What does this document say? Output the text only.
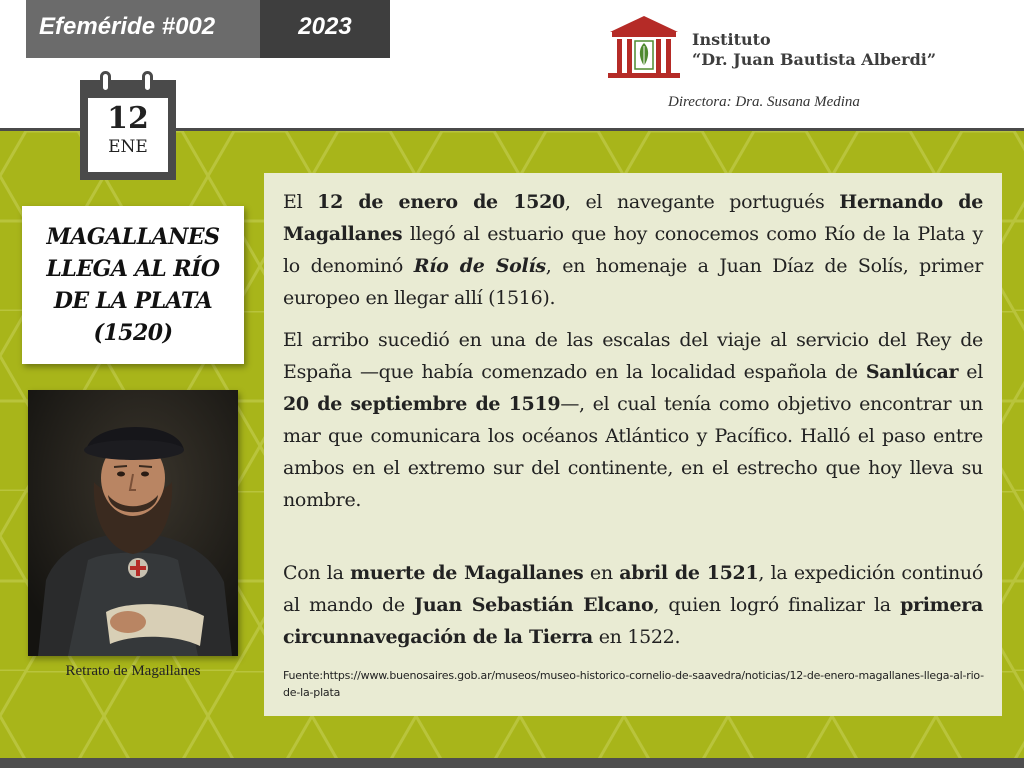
Efeméride #002	2023	Instituto
“Dr. Juan Bautista Alberdi”
Directora: Dra. Susana Medina
12
ENE
MAGALLANES
LLEGA AL RÍO
DE LA PLATA
(1520)
Retrato de Magallanes

El 12 de enero de 1520, el navegante portugués Hernando de Magallanes llegó al estuario que hoy conocemos como Río de la Plata y lo denominó Río de Solís, en homenaje a Juan Díaz de Solís, primer europeo en llegar allí (1516).

El arribo sucedió en una de las escalas del viaje al servicio del Rey de España —que había comenzado en la localidad española de Sanlúcar el 20 de septiembre de 1519—, el cual tenía como objetivo encontrar un mar que comunicara los océanos Atlántico y Pacífico. Halló el paso entre ambos en el extremo sur del continente, en el estrecho que hoy lleva su nombre.

Con la muerte de Magallanes en abril de 1521, la expedición continuó al mando de Juan Sebastián Elcano, quien logró finalizar la primera circunnavegación de la Tierra en 1522.

Fuente:https://www.buenosaires.gob.ar/museos/museo-historico-cornelio-de-saavedra/noticias/12-de-enero-magallanes-llega-al-rio-de-la-plata
